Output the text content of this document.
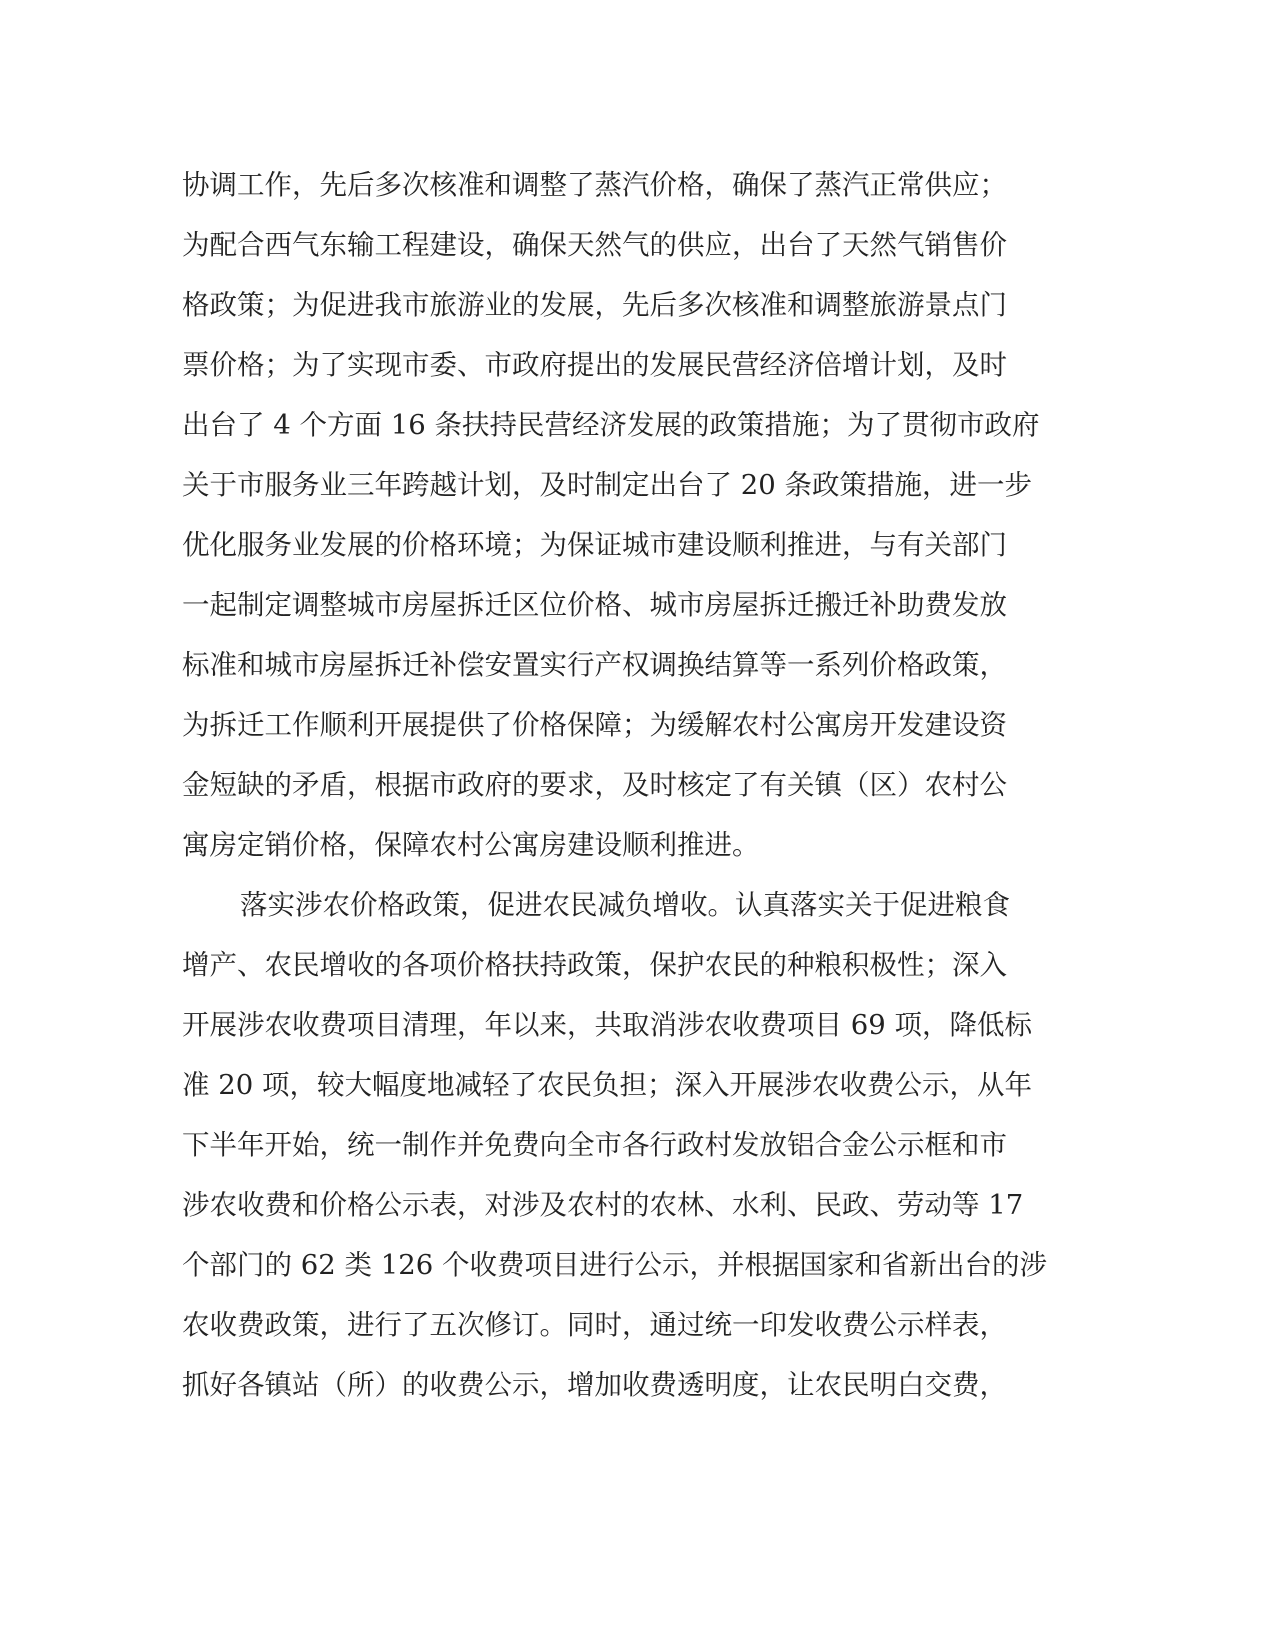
协调工作，先后多次核准和调整了蒸汽价格，确保了蒸汽正常供应；
为配合西气东输工程建设，确保天然气的供应，出台了天然气销售价
格政策；为促进我市旅游业的发展，先后多次核准和调整旅游景点门
票价格；为了实现市委、市政府提出的发展民营经济倍增计划，及时
出台了 4 个方面 16 条扶持民营经济发展的政策措施；为了贯彻市政府
关于市服务业三年跨越计划，及时制定出台了 20 条政策措施，进一步
优化服务业发展的价格环境；为保证城市建设顺利推进，与有关部门
一起制定调整城市房屋拆迁区位价格、城市房屋拆迁搬迁补助费发放
标准和城市房屋拆迁补偿安置实行产权调换结算等一系列价格政策，
为拆迁工作顺利开展提供了价格保障；为缓解农村公寓房开发建设资
金短缺的矛盾，根据市政府的要求，及时核定了有关镇（区）农村公
寓房定销价格，保障农村公寓房建设顺利推进。
落实涉农价格政策，促进农民减负增收。认真落实关于促进粮食
增产、农民增收的各项价格扶持政策，保护农民的种粮积极性；深入
开展涉农收费项目清理，年以来，共取消涉农收费项目 69 项，降低标
准 20 项，较大幅度地减轻了农民负担；深入开展涉农收费公示，从年
下半年开始，统一制作并免费向全市各行政村发放铝合金公示框和市
涉农收费和价格公示表，对涉及农村的农林、水利、民政、劳动等 17
个部门的 62 类 126 个收费项目进行公示，并根据国家和省新出台的涉
农收费政策，进行了五次修订。同时，通过统一印发收费公示样表，
抓好各镇站（所）的收费公示，增加收费透明度，让农民明白交费，
